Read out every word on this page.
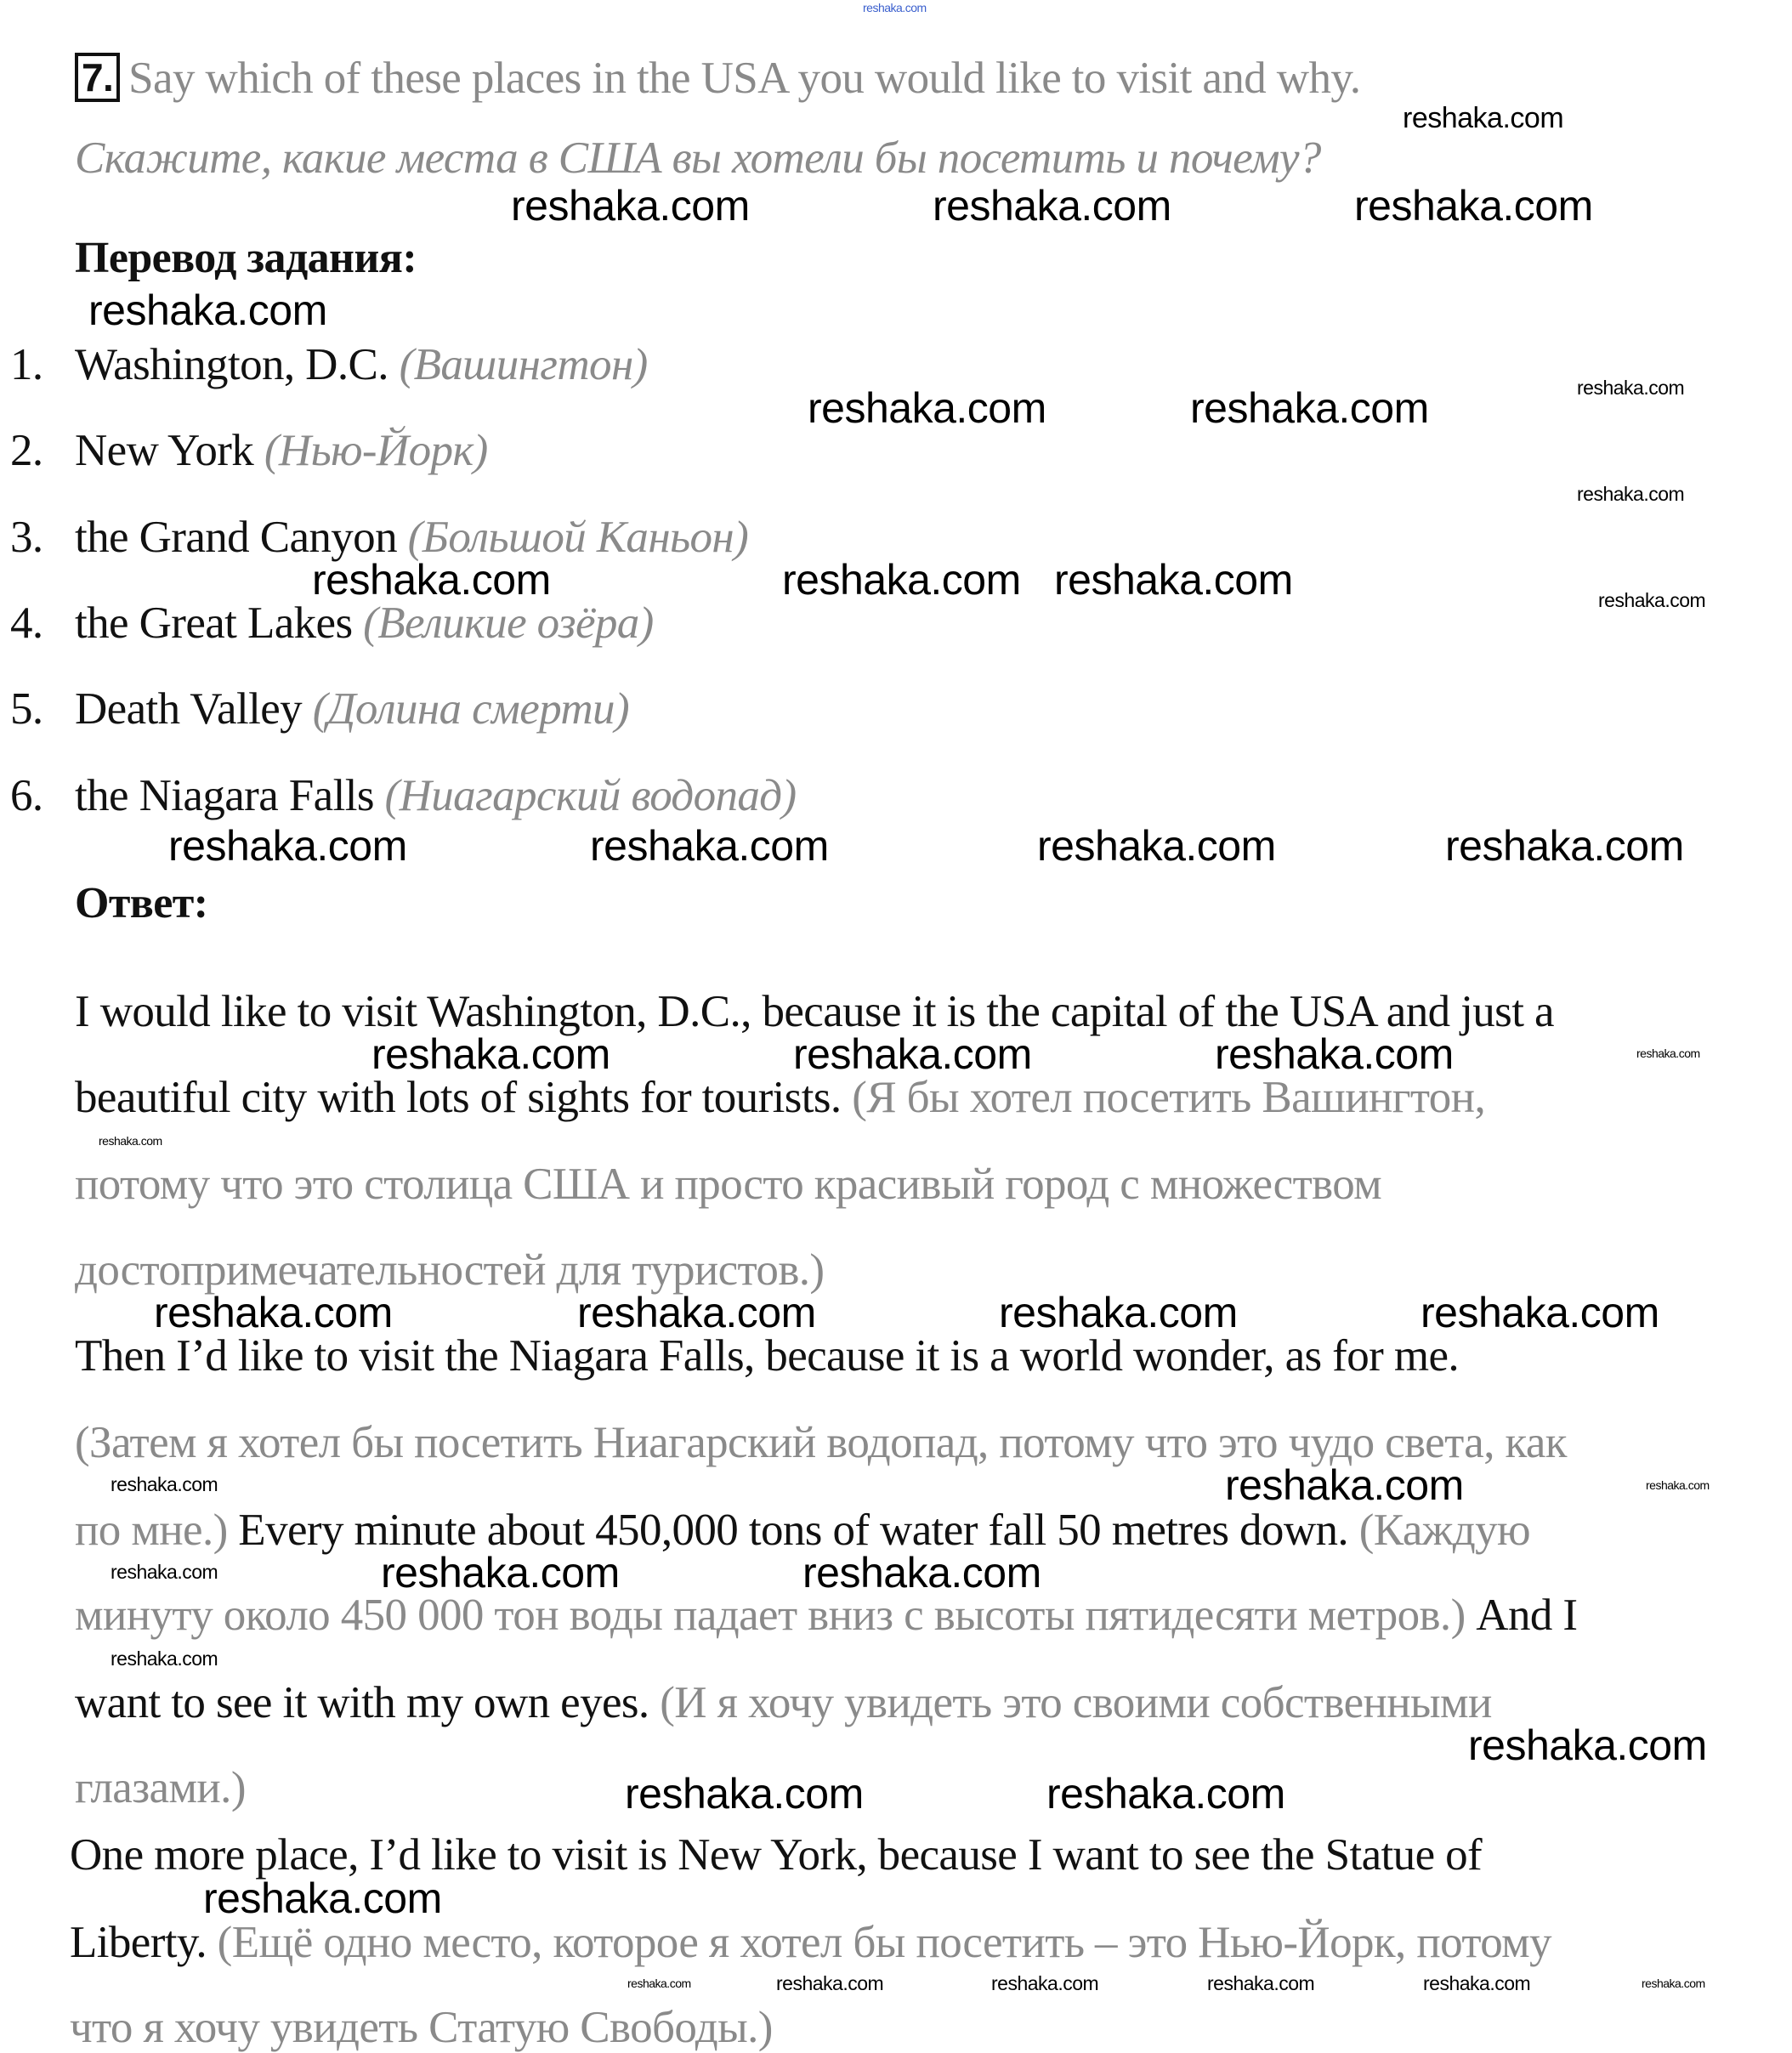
7. Say which of these places in the USA you would like to visit and why.
Скажите, какие места в США вы хотели бы посетить и почему?
Перевод задания:
1. Washington, D.C. (Вашингтон)
2. New York (Нью-Йорк)
3. the Grand Canyon (Большой Каньон)
4. the Great Lakes (Великие озёра)
5. Death Valley (Долина смерти)
6. the Niagara Falls (Ниагарский водопад)
Ответ:
I would like to visit Washington, D.C., because it is the capital of the USA and just a
beautiful city with lots of sights for tourists. (Я бы хотел посетить Вашингтон,
потому что это столица США и просто красивый город с множеством
достопримечательностей для туристов.)
Then I’d like to visit the Niagara Falls, because it is a world wonder, as for me.
(Затем я хотел бы посетить Ниагарский водопад, потому что это чудо света, как
по мне.) Every minute about 450,000 tons of water fall 50 metres down. (Каждую
минуту около 450 000 тон воды падает вниз с высоты пятидесяти метров.) And I
want to see it with my own eyes. (И я хочу увидеть это своими собственными
глазами.)
One more place, I’d like to visit is New York, because I want to see the Statue of
Liberty. (Ещё одно место, которое я хотел бы посетить – это Нью-Йорк, потому
что я хочу увидеть Статую Свободы.)
reshaka.com
reshaka.com
reshaka.com	reshaka.com	reshaka.com
reshaka.com
reshaka.com	reshaka.com
reshaka.com	reshaka.com reshaka.com
reshaka.com	reshaka.com	reshaka.com	reshaka.com
reshaka.com	reshaka.com	reshaka.com
reshaka.com	reshaka.com	reshaka.com	reshaka.com
reshaka.com
reshaka.com	reshaka.com
reshaka.com
reshaka.com	reshaka.com
reshaka.com
reshaka.com
reshaka.com
reshaka.com
reshaka.com	reshaka.com	reshaka.com	reshaka.com
reshaka.com
reshaka.com
reshaka.com
reshaka.com
reshaka.com
reshaka.com
reshaka.com	reshaka.com
